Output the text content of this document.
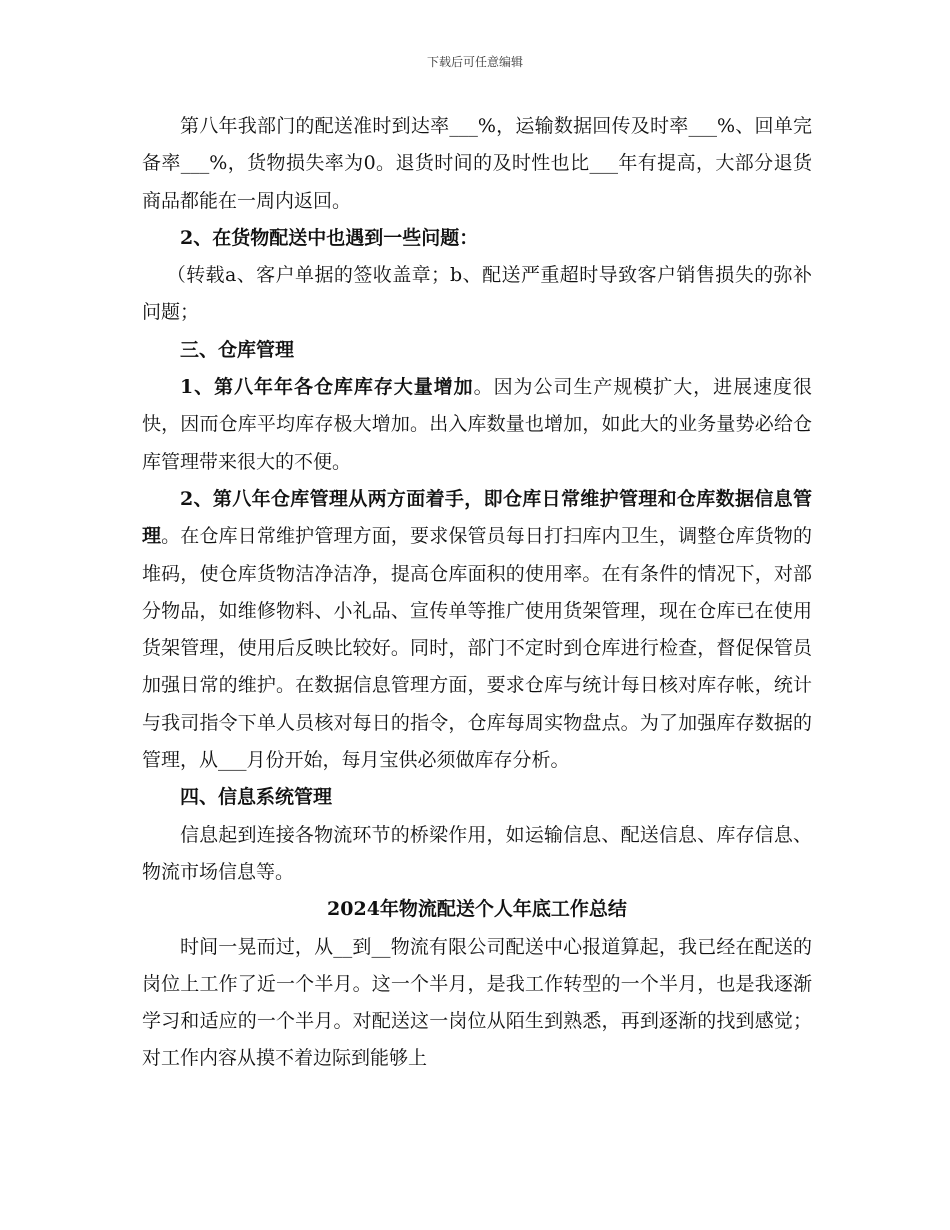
下载后可任意编辑

第八年我部门的配送准时到达率___%，运输数据回传及时率___%、回单完备率___%，货物损失率为0。退货时间的及时性也比___年有提高，大部分退货商品都能在一周内返回。

2、在货物配送中也遇到一些问题：

（转载a、客户单据的签收盖章；b、配送严重超时导致客户销售损失的弥补问题；

三、仓库管理

1、第八年年各仓库库存大量增加。因为公司生产规模扩大，进展速度很快，因而仓库平均库存极大增加。出入库数量也增加，如此大的业务量势必给仓库管理带来很大的不便。

2、第八年仓库管理从两方面着手，即仓库日常维护管理和仓库数据信息管理。在仓库日常维护管理方面，要求保管员每日打扫库内卫生，调整仓库货物的堆码，使仓库货物洁净洁净，提高仓库面积的使用率。在有条件的情况下，对部分物品，如维修物料、小礼品、宣传单等推广使用货架管理，现在仓库已在使用货架管理，使用后反映比较好。同时，部门不定时到仓库进行检查，督促保管员加强日常的维护。在数据信息管理方面，要求仓库与统计每日核对库存帐，统计与我司指令下单人员核对每日的指令，仓库每周实物盘点。为了加强库存数据的管理，从___月份开始，每月宝供必须做库存分析。

四、信息系统管理

信息起到连接各物流环节的桥梁作用，如运输信息、配送信息、库存信息、物流市场信息等。

2024年物流配送个人年底工作总结

时间一晃而过，从__到__物流有限公司配送中心报道算起，我已经在配送的岗位上工作了近一个半月。这一个半月，是我工作转型的一个半月，也是我逐渐学习和适应的一个半月。对配送这一岗位从陌生到熟悉，再到逐渐的找到感觉；对工作内容从摸不着边际到能够上
